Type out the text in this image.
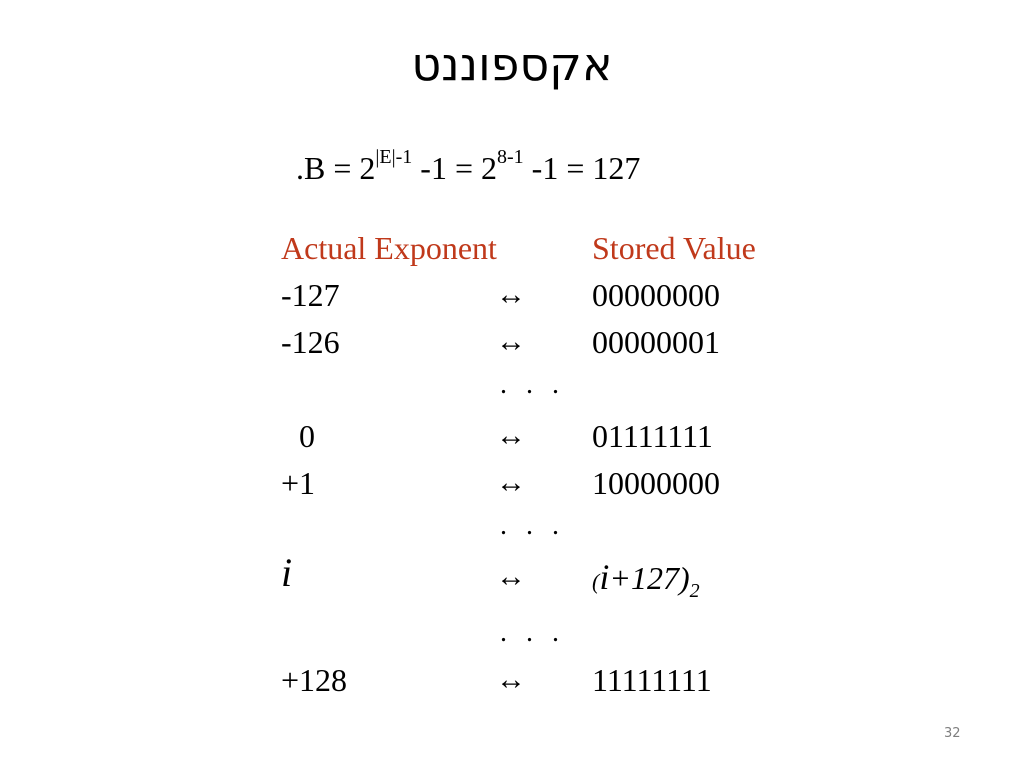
אקספוננט
$.B = 2^{|E|-1}$ $-1 = 2^{8-1}$ -1 = 127
Actual Exponent	Stored Value
-127	↔ 00000000
-126	↔ 00000001
. . .
0	↔ 01111111
+1	↔ 10000000
. . .
i	↔	$(i+127)_2$
. . .
+128	↔ 11111111
32
